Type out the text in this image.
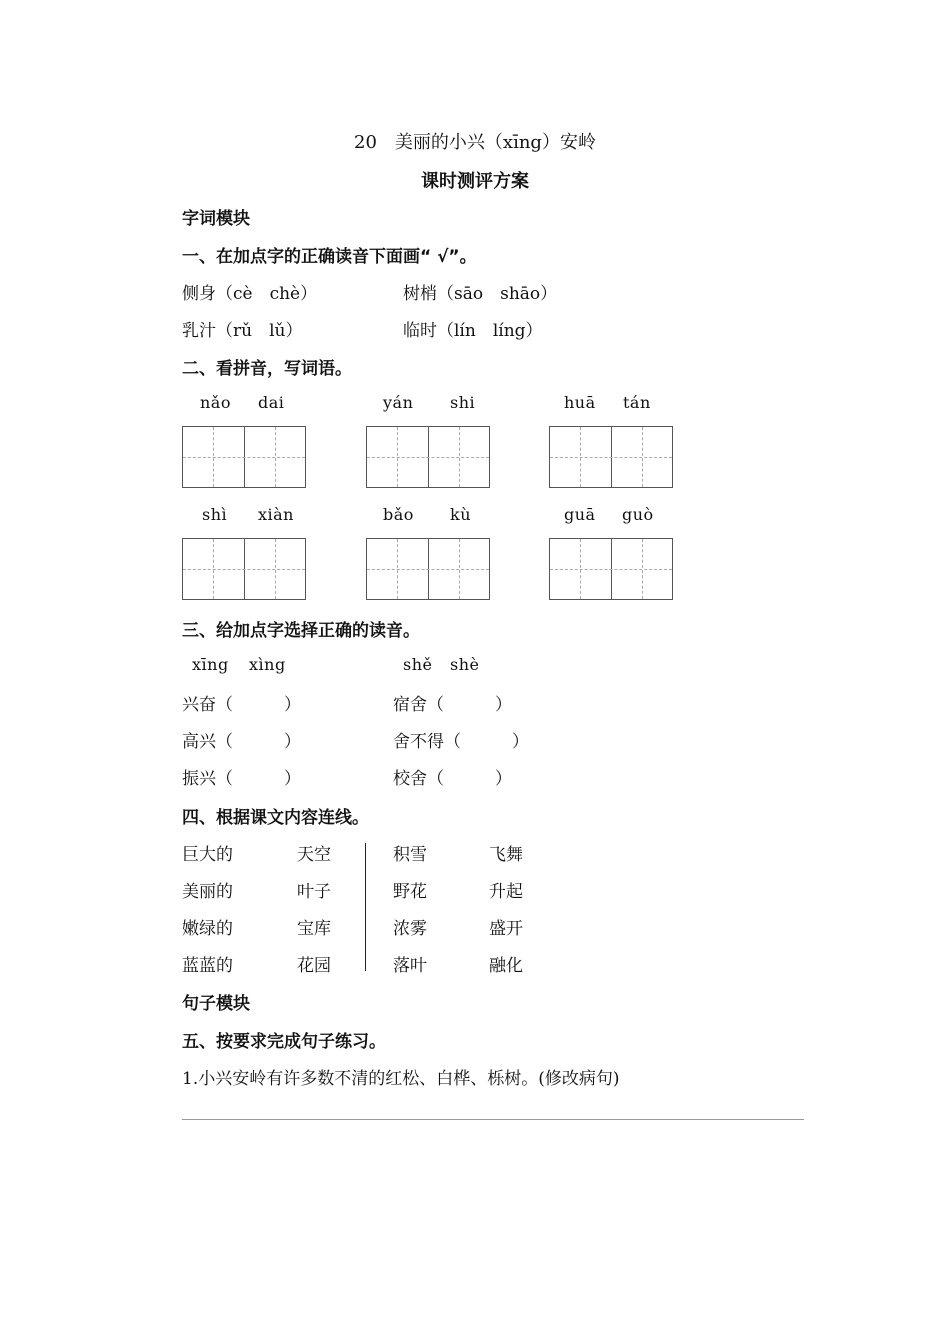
20　美丽的小兴（xīng）安岭
课时测评方案
字词模块
一、在加点字的正确读音下面画“ √”。
侧身（cè　chè）	树梢（sāo　shāo）
乳汁（rǔ　lǔ）	临时（lín　líng）
二、看拼音，写词语。
nǎo dai	yán shi	huā tán
shì xiàn	bǎo kù	guā guò
三、给加点字选择正确的读音。
xīng xìng	shě shè
兴奋（　　　）	宿舍（　　　）
高兴（　　　）	舍不得（　　　）
振兴（　　　）	校舍（　　　）
四、根据课文内容连线。
巨大的	天空	积雪	飞舞
美丽的	叶子	野花	升起
嫩绿的	宝库	浓雾	盛开
蓝蓝的	花园	落叶	融化
句子模块
五、按要求完成句子练习。
1.小兴安岭有许多数不清的红松、白桦、栎树。(修改病句)
